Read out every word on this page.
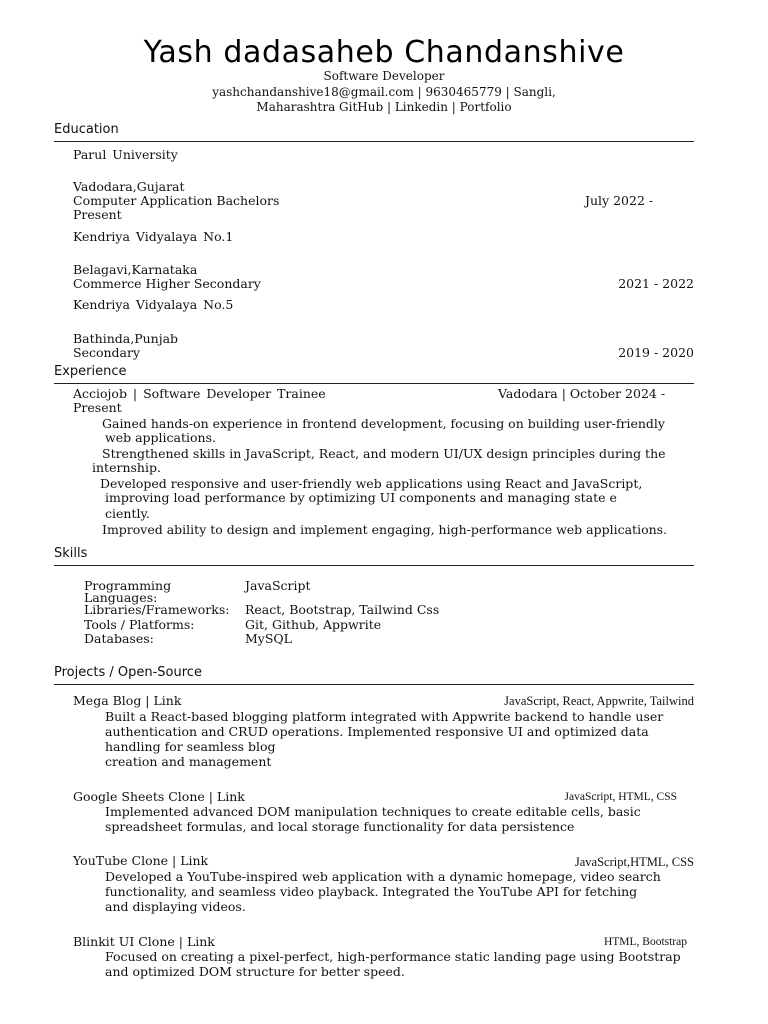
Yash dadasaheb Chandanshive
Software Developer
yashchandanshive18@gmail.com | 9630465779 | Sangli,
Maharashtra GitHub | Linkedin | Portfolio
Education
Parul University
Vadodara,Gujarat
Computer Application Bachelors	July 2022 -
Present
Kendriya Vidyalaya No.1
Belagavi,Karnataka
Commerce Higher Secondary	2021 - 2022
Kendriya Vidyalaya No.5
Bathinda,Punjab
Secondary	2019 - 2020
Experience
Acciojob | Software Developer Trainee	Vadodara | October 2024 -
Present
Gained hands-on experience in frontend development, focusing on building user-friendly
web applications.
Strengthened skills in JavaScript, React, and modern UI/UX design principles during the
internship.
Developed responsive and user-friendly web applications using React and JavaScript,
improving load performance by optimizing UI components and managing state e
ciently.
Improved ability to design and implement engaging, high-performance web applications.
Skills
Programming
Languages:
JavaScript
Libraries/Frameworks: React, Bootstrap, Tailwind Css
Tools / Platforms:	Git, Github, Appwrite
Databases:	MySQL
Projects / Open-Source
Mega Blog | Link	JavaScript, React, Appwrite, Tailwind
Built a React-based blogging platform integrated with Appwrite backend to handle user
authentication and CRUD operations. Implemented responsive UI and optimized data
handling for seamless blog
creation and management
Google Sheets Clone | Link	JavaScript, HTML, CSS
Implemented advanced DOM manipulation techniques to create editable cells, basic
spreadsheet formulas, and local storage functionality for data persistence
YouTube Clone | Link	JavaScript,HTML, CSS
Developed a YouTube-inspired web application with a dynamic homepage, video search
functionality, and seamless video playback. Integrated the YouTube API for fetching
and displaying videos.
Blinkit UI Clone | Link	HTML, Bootstrap
Focused on creating a pixel-perfect, high-performance static landing page using Bootstrap
and optimized DOM structure for better speed.
